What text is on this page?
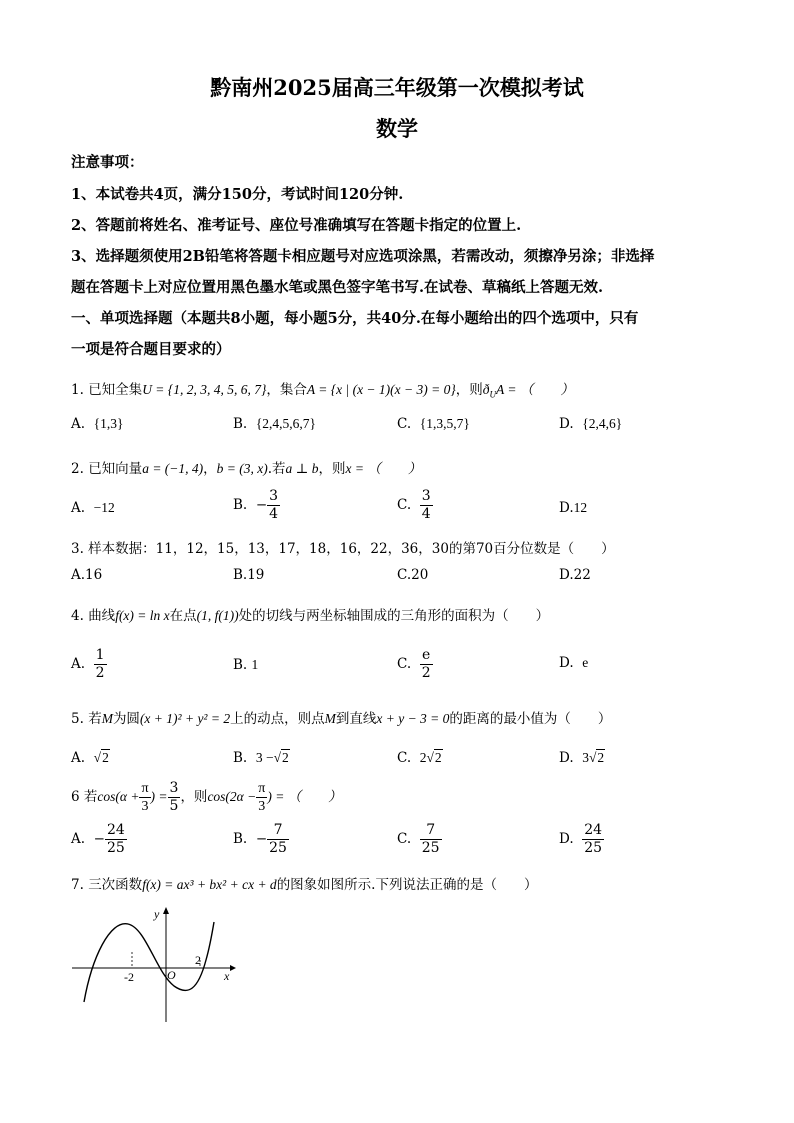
黔南州2025届高三年级第一次模拟考试
数学
注意事项：
1、本试卷共4页，满分150分，考试时间120分钟.
2、答题前将姓名、准考证号、座位号准确填写在答题卡指定的位置上.
3、选择题须使用2B铅笔将答题卡相应题号对应选项涂黑，若需改动，须擦净另涂；非选择
题在答题卡上对应位置用黑色墨水笔或黑色签字笔书写.在试卷、草稿纸上答题无效.
一、单项选择题（本题共8小题，每小题5分，共40分.在每小题给出的四个选项中，只有
一项是符合题目要求的）
1. 已知全集U = {1, 2, 3, 4, 5, 6, 7}，集合A = {x | (x − 1)(x − 3) = 0}，则$ð_UA$ = （　　）
A. {1,3}	B. {2,4,5,6,7}	C. {1,3,5,7}	D. {2,4,6}
2. 已知向量a = (−1, 4)，b = (3, x).若a ⊥ b，则x = （　　）
A. −12	B. − $\frac{3}{4}$	C. $\frac{3}{4}$	D.12
3. 样本数据：11，12，15，13，17，18，16，22，36，30的第70百分位数是（　　）
A.16	B.19	C.20	D.22
4. 曲线f(x) = ln x在点(1, f(1))处的切线与两坐标轴围成的三角形的面积为（　　）
A. $\frac{1}{2}$	B. 1	C. $\frac{e}{2}$	D. e
5. 若M为圆(x + 1)² + y² = 2上的动点，则点M到直线x + y − 3 = 0的距离的最小值为（　　）
A. √2	B. 3 −√2	C. 2√2	D. 3√2
6 若$\cos(\alpha + \frac{\pi}{3}$ ) = $\frac{3}{5}$ ，则$\cos(2\alpha - \frac{\pi}{3}$ ) = （　　）
A. − $\frac{24}{25}$	B. − $\frac{7}{25}$	C. $\frac{7}{25}$	D. $\frac{24}{25}$
7. 三次函数f(x) = ax³ + bx² + cx + d的图象如图所示.下列说法正确的是（　　）
y
x
O
-2
2
